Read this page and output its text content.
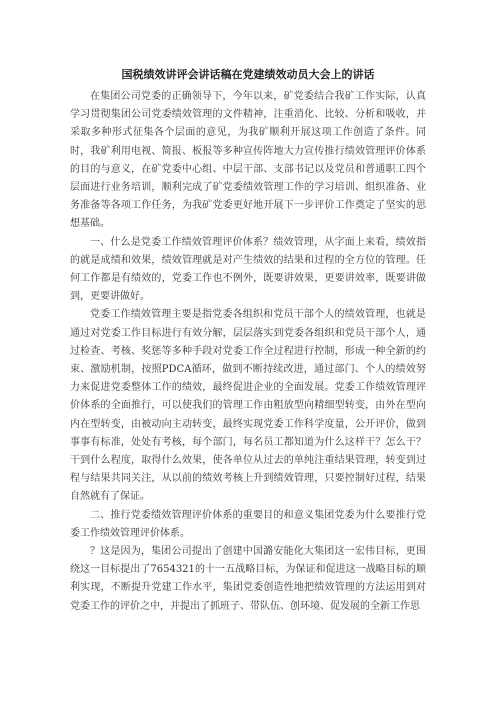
国税绩效讲评会讲话稿在党建绩效动员大会上的讲话

在集团公司党委的正确领导下，今年以来，矿党委结合我矿工作实际，认真学习贯彻集团公司党委绩效管理的文件精神，注重消化、比较、分析和吸收，并采取多种形式征集各个层面的意见，为我矿顺利开展这项工作创造了条件。同时，我矿利用电视、简报、板报等多种宣传阵地大力宣传推行绩效管理评价体系的目的与意义，在矿党委中心组、中层干部、支部书记以及党员和普通职工四个层面进行业务培训，顺利完成了矿党委绩效管理工作的学习培训、组织准备、业务准备等各项工作任务，为我矿党委更好地开展下一步评价工作奠定了坚实的思想基础。

一、什么是党委工作绩效管理评价体系？绩效管理，从字面上来看，绩效指的就是成绩和效果，绩效管理就是对产生绩效的结果和过程的全方位的管理。任何工作都是有绩效的，党委工作也不例外，既要讲效果，更要讲效率，既要讲做到，更要讲做好。

党委工作绩效管理主要是指党委各组织和党员干部个人的绩效管理，也就是通过对党委工作目标进行有效分解，层层落实到党委各组织和党员干部个人，通过检查、考核、奖惩等多种手段对党委工作全过程进行控制，形成一种全新的约束、激励机制，按照PDCA循环，做到不断持续改进，通过部门、个人的绩效努力来促进党委整体工作的绩效，最终促进企业的全面发展。党委工作绩效管理评价体系的全面推行，可以使我们的管理工作由粗放型向精细型转变，由外在型向内在型转变，由被动向主动转变，最终实现党委工作科学度量，公开评价，做到事事有标准，处处有考核，每个部门，每名员工都知道为什么这样干？怎么干？干到什么程度，取得什么效果，使各单位从过去的单纯注重结果管理，转变到过程与结果共同关注，从以前的绩效考核上升到绩效管理，只要控制好过程，结果自然就有了保证。

二、推行党委绩效管理评价体系的重要目的和意义集团党委为什么要推行党委工作绩效管理评价体系。

？这是因为，集团公司提出了创建中国潞安能化大集团这一宏伟目标，更围绕这一目标提出了7654321的十一五战略目标，为保证和促进这一战略目标的顺利实现，不断提升党建工作水平，集团党委创造性地把绩效管理的方法运用到对党委工作的评价之中，并提出了抓班子、带队伍、创环境、促发展的全新工作思
